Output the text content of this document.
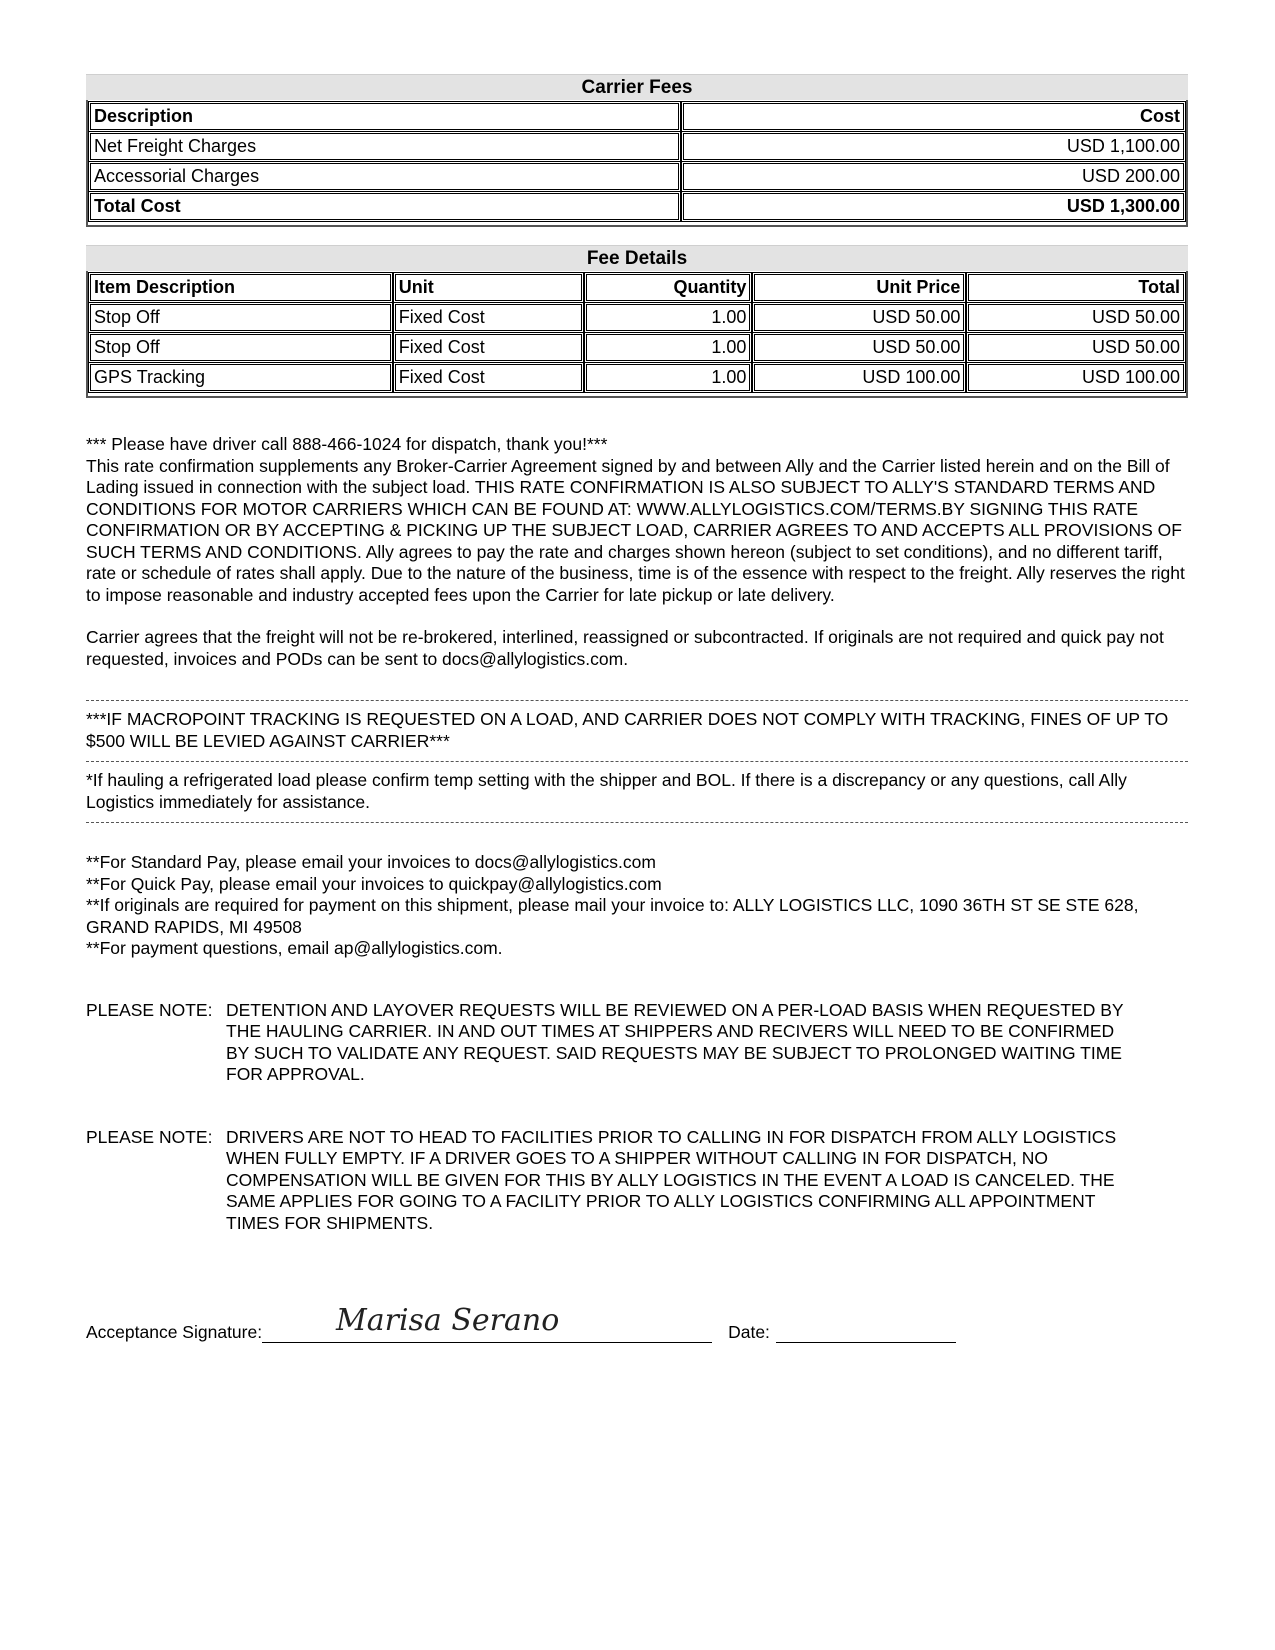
Carrier Fees
Description	Cost
Net Freight Charges	USD 1,100.00
Accessorial Charges	USD 200.00
Total Cost	USD 1,300.00
Fee Details
Item Description	Unit	Quantity	Unit Price	Total
Stop Off	Fixed Cost	1.00	USD 50.00	USD 50.00
Stop Off	Fixed Cost	1.00	USD 50.00	USD 50.00
GPS Tracking	Fixed Cost	1.00	USD 100.00	USD 100.00

*** Please have driver call 888-466-1024 for dispatch, thank you!***

This rate confirmation supplements any Broker-Carrier Agreement signed by and between Ally and the Carrier listed herein and on the Bill of Lading issued in connection with the subject load. THIS RATE CONFIRMATION IS ALSO SUBJECT TO ALLY'S STANDARD TERMS AND CONDITIONS FOR MOTOR CARRIERS WHICH CAN BE FOUND AT: WWW.ALLYLOGISTICS.COM/TERMS.BY SIGNING THIS RATE CONFIRMATION OR BY ACCEPTING & PICKING UP THE SUBJECT LOAD, CARRIER AGREES TO AND ACCEPTS ALL PROVISIONS OF SUCH TERMS AND CONDITIONS. Ally agrees to pay the rate and charges shown hereon (subject to set conditions), and no different tariff, rate or schedule of rates shall apply. Due to the nature of the business, time is of the essence with respect to the freight. Ally reserves the right to impose reasonable and industry accepted fees upon the Carrier for late pickup or late delivery.

Carrier agrees that the freight will not be re-brokered, interlined, reassigned or subcontracted. If originals are not required and quick pay not requested, invoices and PODs can be sent to docs@allylogistics.com.

***IF MACROPOINT TRACKING IS REQUESTED ON A LOAD, AND CARRIER DOES NOT COMPLY WITH TRACKING, FINES OF UP TO $500 WILL BE LEVIED AGAINST CARRIER***

*If hauling a refrigerated load please confirm temp setting with the shipper and BOL. If there is a discrepancy or any questions, call Ally Logistics immediately for assistance.

**For Standard Pay, please email your invoices to docs@allylogistics.com

**For Quick Pay, please email your invoices to quickpay@allylogistics.com

**If originals are required for payment on this shipment, please mail your invoice to: ALLY LOGISTICS LLC, 1090 36TH ST SE STE 628, GRAND RAPIDS, MI 49508

**For payment questions, email ap@allylogistics.com.

PLEASE NOTE: DETENTION AND LAYOVER REQUESTS WILL BE REVIEWED ON A PER-LOAD BASIS WHEN REQUESTED BY THE HAULING CARRIER. IN AND OUT TIMES AT SHIPPERS AND RECIVERS WILL NEED TO BE CONFIRMED BY SUCH TO VALIDATE ANY REQUEST. SAID REQUESTS MAY BE SUBJECT TO PROLONGED WAITING TIME FOR APPROVAL.
PLEASE NOTE: DRIVERS ARE NOT TO HEAD TO FACILITIES PRIOR TO CALLING IN FOR DISPATCH FROM ALLY LOGISTICS WHEN FULLY EMPTY. IF A DRIVER GOES TO A SHIPPER WITHOUT CALLING IN FOR DISPATCH, NO COMPENSATION WILL BE GIVEN FOR THIS BY ALLY LOGISTICS IN THE EVENT A LOAD IS CANCELED. THE SAME APPLIES FOR GOING TO A FACILITY PRIOR TO ALLY LOGISTICS CONFIRMING ALL APPOINTMENT TIMES FOR SHIPMENTS.
Acceptance Signature: Marisa Serano	Date:
